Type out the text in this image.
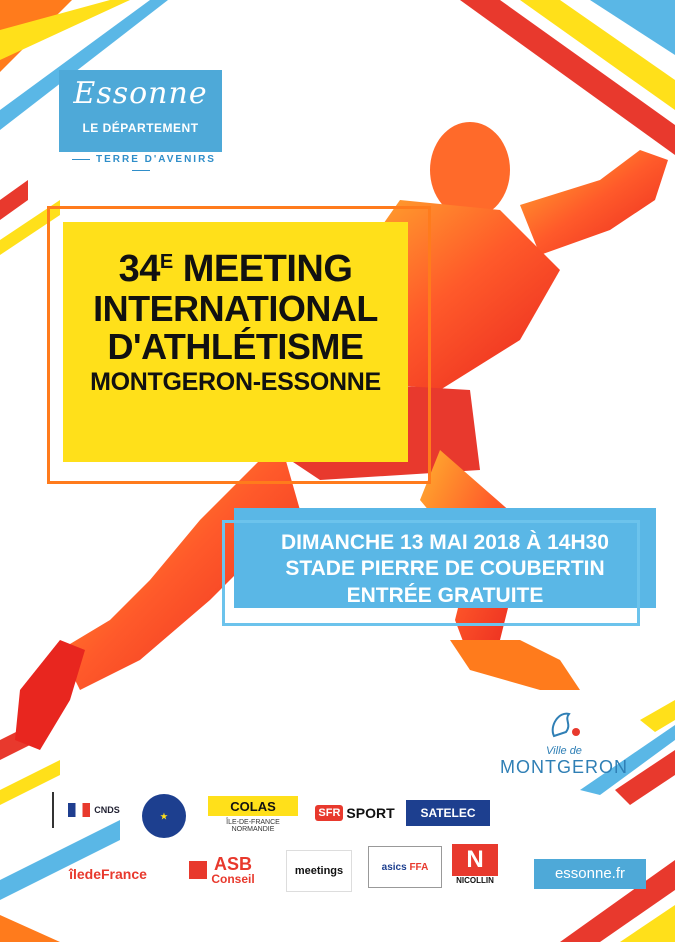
Essonne
LE DÉPARTEMENT
TERRE D'AVENIRS
$34^E$ MEETING
INTERNATIONAL
D'ATHLÉTISME
MONTGERON-ESSONNE
DIMANCHE 13 MAI 2018 À 14H30
STADE PIERRE DE COUBERTIN
ENTRÉE GRATUITE
Ville de
MONTGERON
CNDS
★
COLAS
ÎLE-DE-FRANCE NORMANDIE
SFR SPORT SATELEC
îledeFrance	ASB
Conseil
meetings	asics
FFA	N
NICOLLIN	essonne.fr
